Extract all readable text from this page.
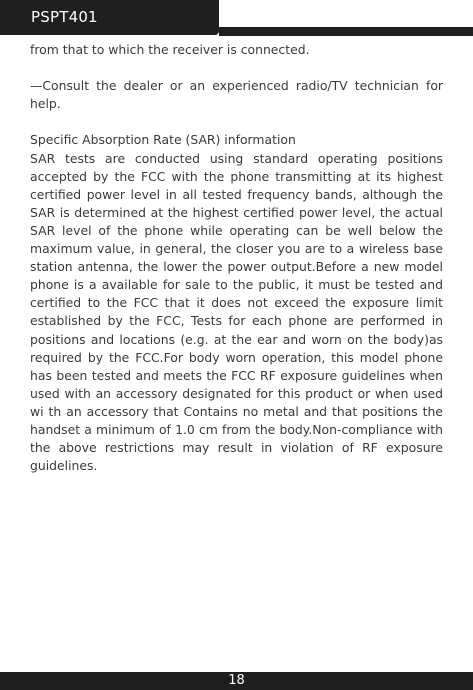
PSPT401

from that to which the receiver is connected.

—Consult the dealer or an experienced radio/TV technician for help.

Specific Absorption Rate (SAR) information

SAR tests are conducted using standard operating positions accepted by the FCC with the phone transmitting at its highest certified power level in all tested frequency bands, although the SAR is determined at the highest certified power level, the actual SAR level of the phone while operating can be well below the maximum value, in general, the closer you are to a wireless base station antenna, the lower the power output.Before a new model phone is a available for sale to the public, it must be tested and certified to the FCC that it does not exceed the exposure limit established by the FCC, Tests for each phone are performed in positions and locations (e.g. at the ear and worn on the body)as required by the FCC.For body worn operation, this model phone has been tested and meets the FCC RF exposure guidelines when used with an accessory designated for this product or when used wi th an accessory that Contains no metal and that positions the handset a minimum of 1.0 cm from the body.Non-compliance with the above restrictions may result in violation of RF exposure guidelines.

18
